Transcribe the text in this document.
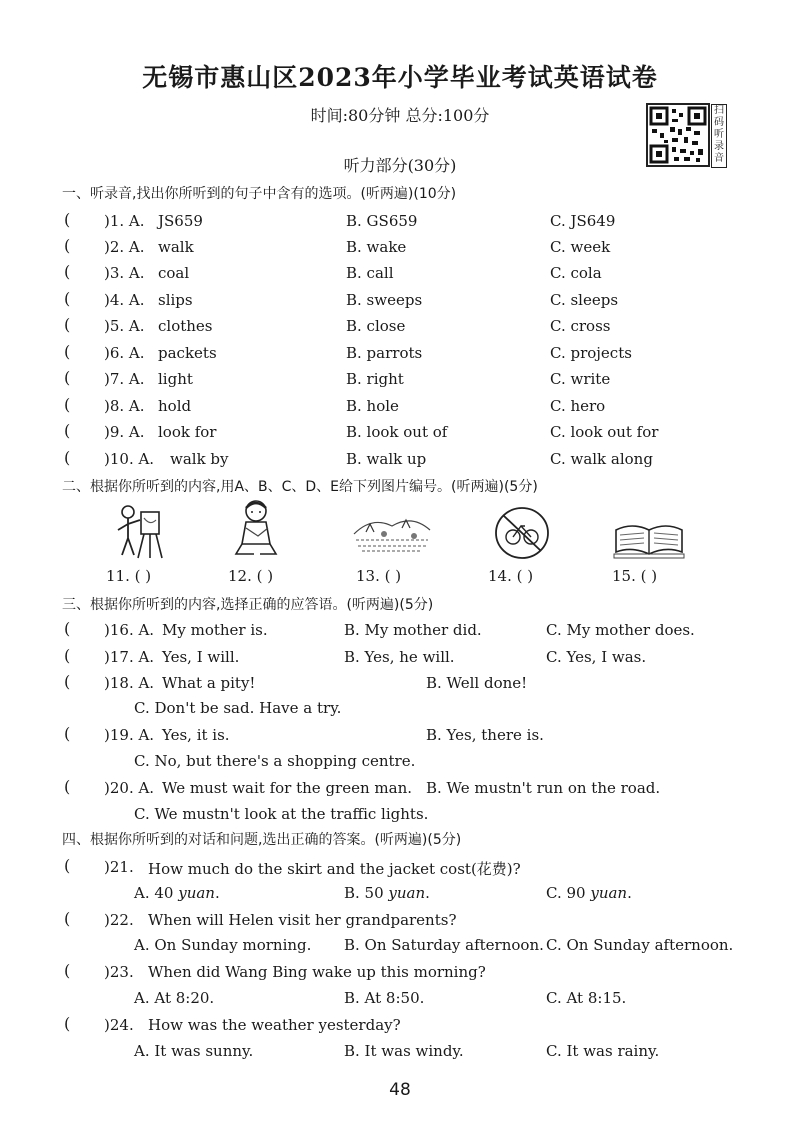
无锡市惠山区2023年小学毕业考试英语试卷
时间:80分钟 总分:100分	扫码听录音
听力部分(30分)
一、听录音,找出你所听到的句子中含有的选项。(听两遍)(10分)
( )1. A. JS659	B. GS659	C. JS649
( )2. A. walk	B. wake	C. week
( )3. A. coal	B. call	C. cola
( )4. A. slips	B. sweeps	C. sleeps
( )5. A. clothes	B. close	C. cross
( )6. A. packets	B. parrots	C. projects
( )7. A. light	B. right	C. write
( )8. A. hold	B. hole	C. hero
( )9. A. look for	B. look out of	C. look out for
( )10. A. walk by	B. walk up	C. walk along
二、根据你所听到的内容,用A、B、C、D、E给下列图片编号。(听两遍)(5分)
11. ( )	12. ( )	13. ( )	14. ( )	15. ( )
三、根据你所听到的内容,选择正确的应答语。(听两遍)(5分)
( )16. A. My mother is.	B. My mother did.	C. My mother does.
( )17. A. Yes, I will.	B. Yes, he will.	C. Yes, I was.
( )18. A. What a pity!	B. Well done!
C. Don't be sad. Have a try.
( )19. A. Yes, it is.	B. Yes, there is.
C. No, but there's a shopping centre.
( )20. A. We must wait for the green man. B. We mustn't run on the road.
C. We mustn't look at the traffic lights.
四、根据你所听到的对话和问题,选出正确的答案。(听两遍)(5分)
( )21. How much do the skirt and the jacket cost(花费)?
A. 40 yuan.	B. 50 yuan.	C. 90 yuan.
( )22. When will Helen visit her grandparents?
A. On Sunday morning. B. On Saturday afternoon. C. On Sunday afternoon.
( )23. When did Wang Bing wake up this morning?
A. At 8:20.	B. At 8:50.	C. At 8:15.
( )24. How was the weather yesterday?
A. It was sunny.	B. It was windy.	C. It was rainy.
48
